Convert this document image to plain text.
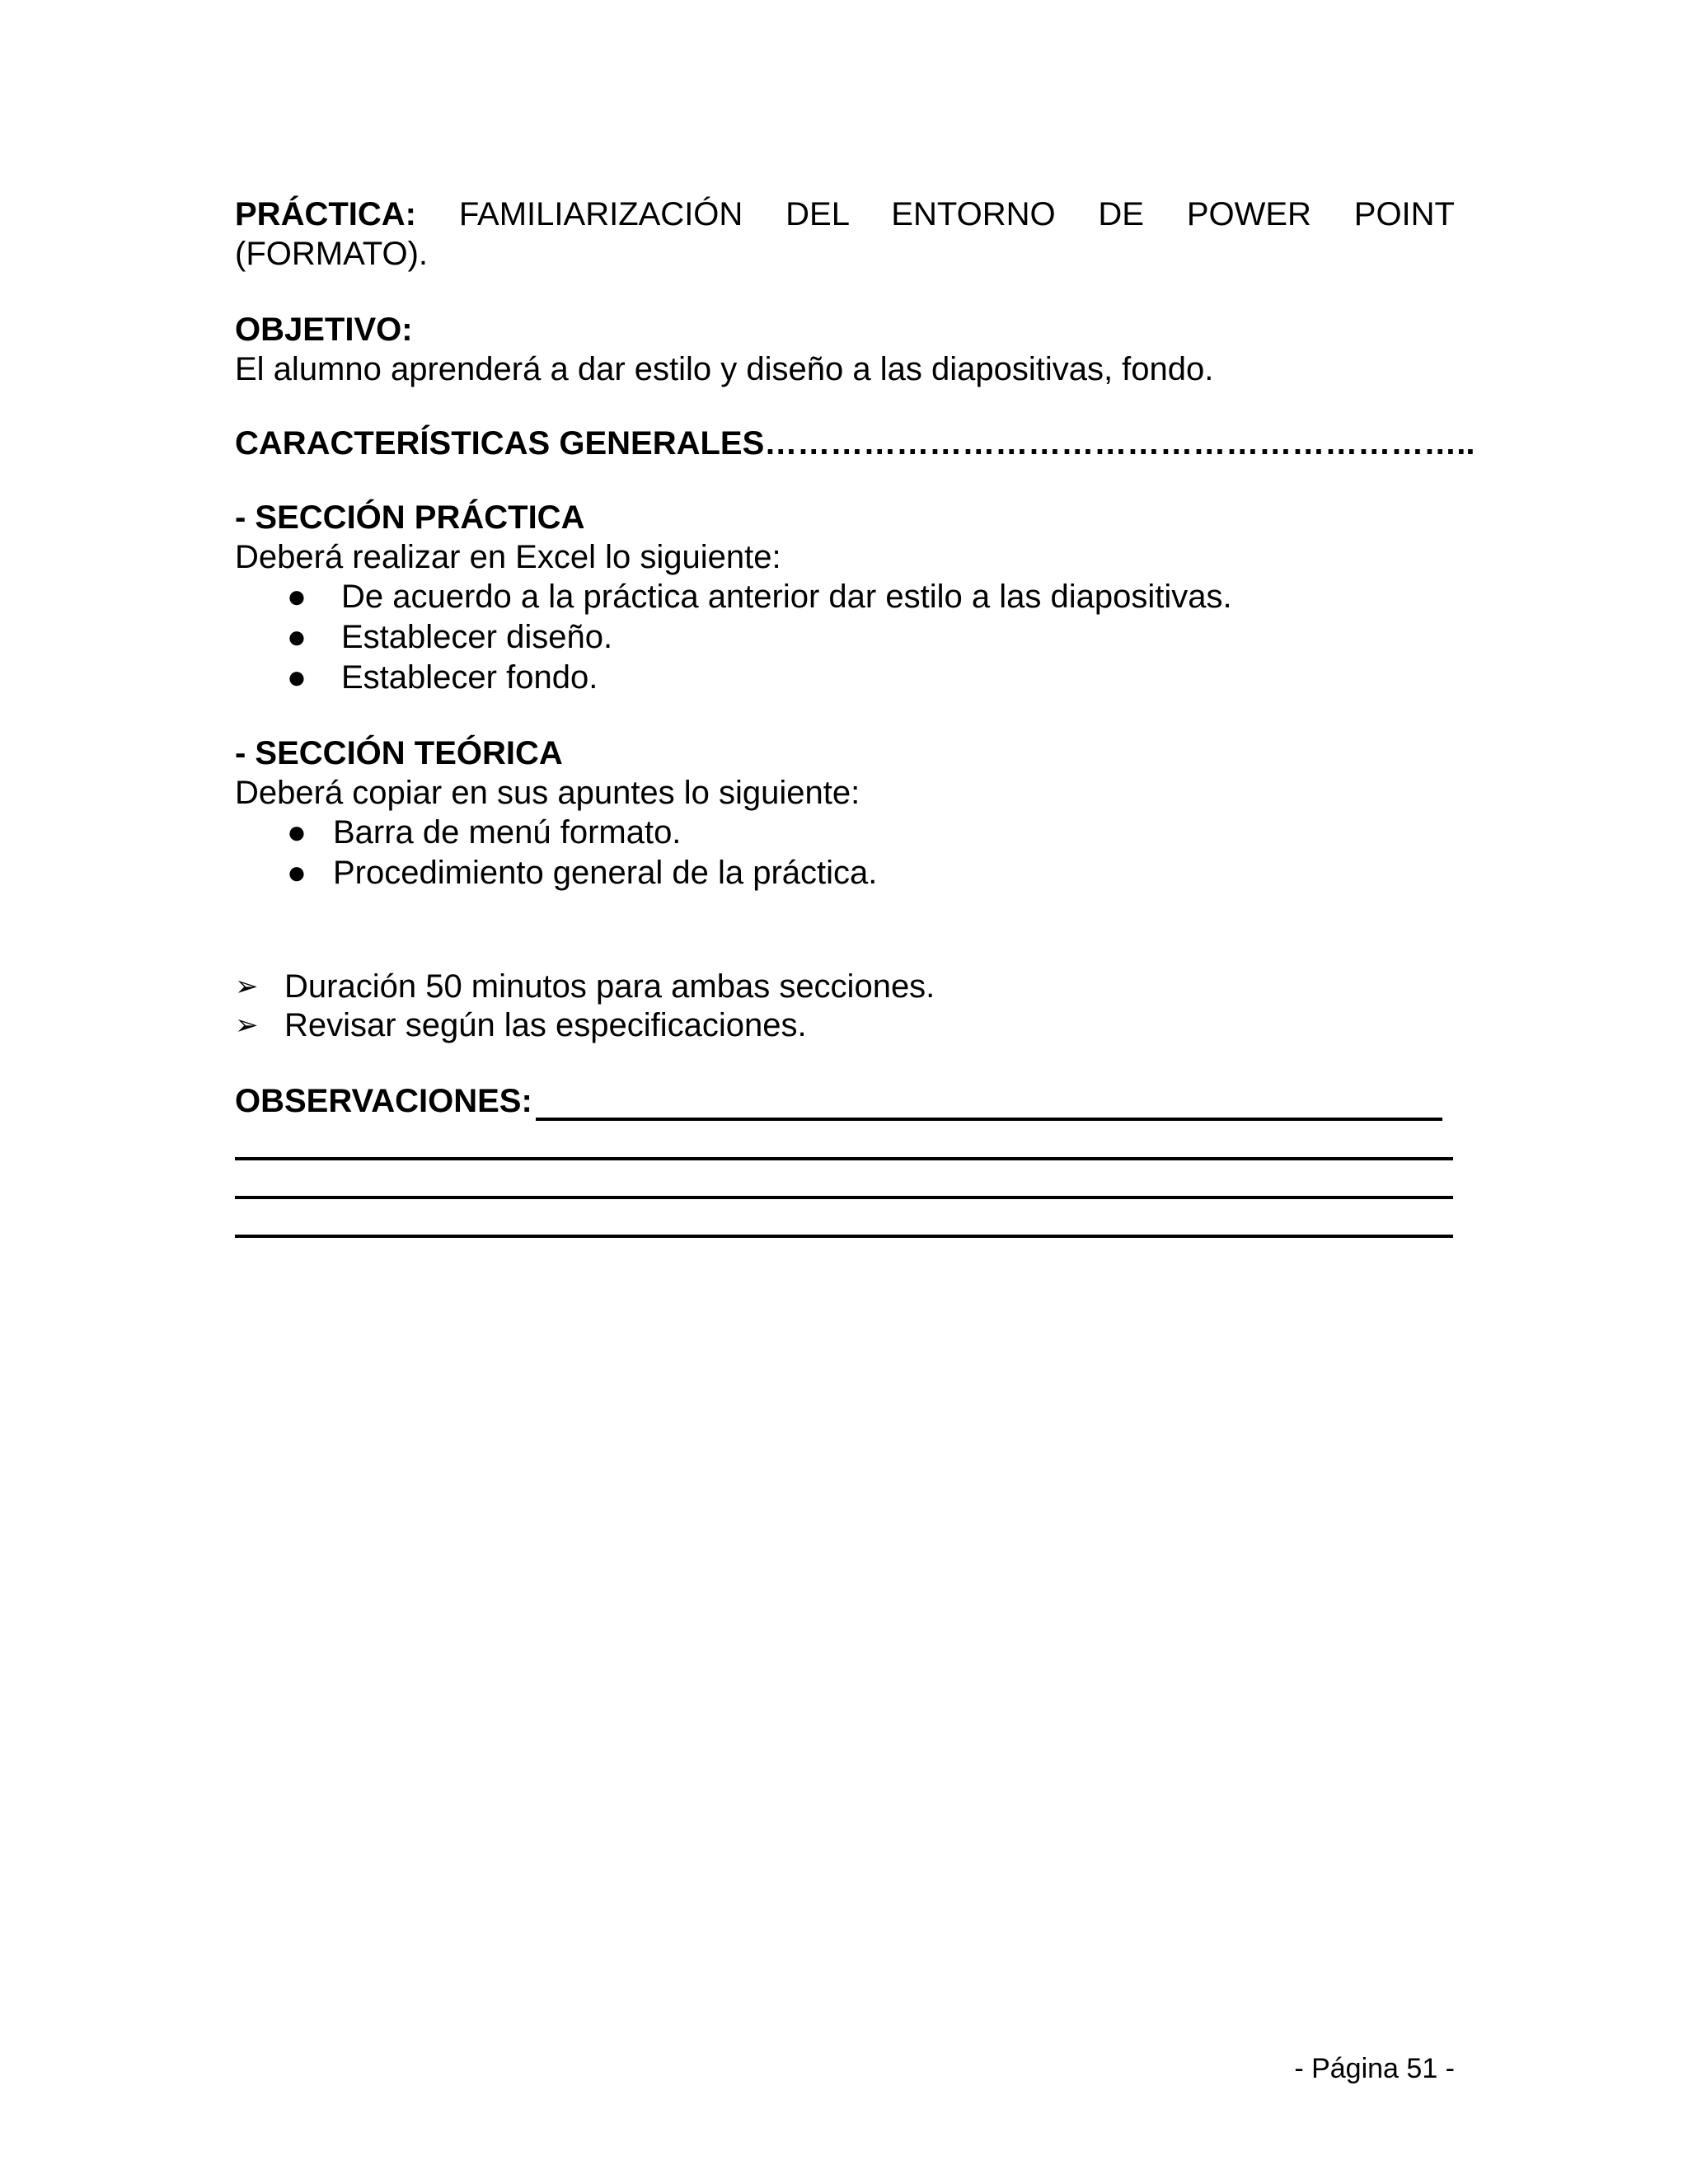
PRÁCTICA: FAMILIARIZACIÓN DEL ENTORNO DE POWER POINT
(FORMATO).
OBJETIVO:
El alumno aprenderá a dar estilo y diseño a las diapositivas, fondo.
CARACTERÍSTICAS GENERALES………………………………………………………..
- SECCIÓN PRÁCTICA
Deberá realizar en Excel lo siguiente:
● De acuerdo a la práctica anterior dar estilo a las diapositivas.
● Establecer diseño.
● Establecer fondo.
- SECCIÓN TEÓRICA
Deberá copiar en sus apuntes lo siguiente:
● Barra de menú formato.
● Procedimiento general de la práctica.
➢ Duración 50 minutos para ambas secciones.
➢ Revisar según las especificaciones.
OBSERVACIONES:
- Página 51 -
